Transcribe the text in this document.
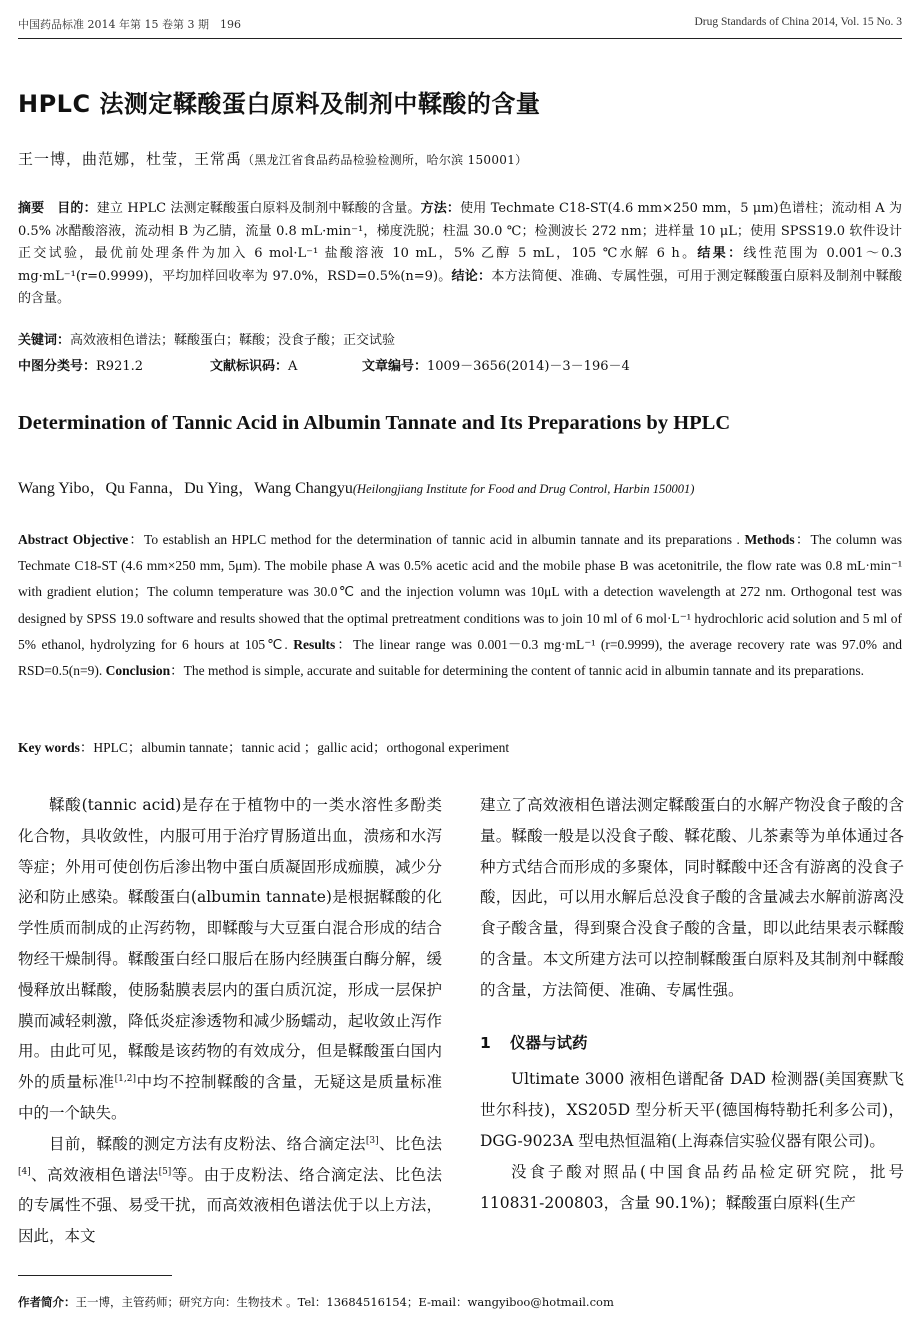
中国药品标准 2014 年第 15 卷第 3 期　196	Drug Standards of China 2014, Vol. 15 No. 3
HPLC 法测定鞣酸蛋白原料及制剂中鞣酸的含量
王一博，曲范娜，杜莹，王常禹（黑龙江省食品药品检验检测所，哈尔滨 150001）
摘要 目的：建立 HPLC 法测定鞣酸蛋白原料及制剂中鞣酸的含量。方法：使用 Techmate C18-ST(4.6 mm×250 mm，5 μm)色谱柱；流动相 A 为 0.5% 冰醋酸溶液，流动相 B 为乙腈，流量 0.8 mL·min⁻¹，梯度洗脱；柱温 30.0 ℃；检测波长 272 nm；进样量 10 μL；使用 SPSS19.0 软件设计正交试验，最优前处理条件为加入 6 mol·L⁻¹ 盐酸溶液 10 mL，5% 乙醇 5 mL，105 ℃水解 6 h。结果：线性范围为 0.001～0.3 mg·mL⁻¹(r=0.9999)，平均加样回收率为 97.0%，RSD=0.5%(n=9)。结论：本方法简便、准确、专属性强，可用于测定鞣酸蛋白原料及制剂中鞣酸的含量。
关键词：高效液相色谱法；鞣酸蛋白；鞣酸；没食子酸；正交试验
中图分类号：R921.2	文献标识码：A	文章编号：1009－3656(2014)－3－196－4
Determination of Tannic Acid in Albumin Tannate and Its Preparations by HPLC
Wang Yibo，Qu Fanna，Du Ying，Wang Changyu(Heilongjiang Institute for Food and Drug Control, Harbin 150001)
Abstract Objective：To establish an HPLC method for the determination of tannic acid in albumin tannate and its preparations . Methods：The column was Techmate C18-ST (4.6 mm×250 mm, 5μm). The mobile phase A was 0.5% acetic acid and the mobile phase B was acetonitrile, the flow rate was 0.8 mL·min⁻¹ with gradient elution；The column temperature was 30.0℃ and the injection volumn was 10μL with a detection wavelength at 272 nm. Orthogonal test was designed by SPSS 19.0 software and results showed that the optimal pretreatment conditions was to join 10 ml of 6 mol·L⁻¹ hydrochloric acid solution and 5 ml of 5% ethanol, hydrolyzing for 6 hours at 105℃. Results：The linear range was 0.001－0.3 mg·mL⁻¹ (r=0.9999), the average recovery rate was 97.0% and RSD=0.5(n=9). Conclusion：The method is simple, accurate and suitable for determining the content of tannic acid in albumin tannate and its preparations.
Key words：HPLC；albumin tannate；tannic acid ；gallic acid；orthogonal experiment

鞣酸(tannic acid)是存在于植物中的一类水溶性多酚类化合物，具收敛性，内服可用于治疗胃肠道出血，溃疡和水泻等症；外用可使创伤后渗出物中蛋白质凝固形成痂膜，减少分泌和防止感染。鞣酸蛋白(albumin tannate)是根据鞣酸的化学性质而制成的止泻药物，即鞣酸与大豆蛋白混合形成的结合物经干燥制得。鞣酸蛋白经口服后在肠内经胰蛋白酶分解，缓慢释放出鞣酸，使肠黏膜表层内的蛋白质沉淀，形成一层保护膜而减轻刺激，降低炎症渗透物和减少肠蠕动，起收敛止泻作用。由此可见，鞣酸是该药物的有效成分，但是鞣酸蛋白国内外的质量标准[1,2]中均不控制鞣酸的含量，无疑这是质量标准中的一个缺失。

目前，鞣酸的测定方法有皮粉法、络合滴定法[3]、比色法[4]、高效液相色谱法[5]等。由于皮粉法、络合滴定法、比色法的专属性不强、易受干扰，而高效液相色谱法优于以上方法，因此，本文

建立了高效液相色谱法测定鞣酸蛋白的水解产物没食子酸的含量。鞣酸一般是以没食子酸、鞣花酸、儿茶素等为单体通过各种方式结合而形成的多聚体，同时鞣酸中还含有游离的没食子酸，因此，可以用水解后总没食子酸的含量减去水解前游离没食子酸含量，得到聚合没食子酸的含量，即以此结果表示鞣酸的含量。本文所建方法可以控制鞣酸蛋白原料及其制剂中鞣酸的含量，方法简便、准确、专属性强。

1 仪器与试药

Ultimate 3000 液相色谱配备 DAD 检测器(美国赛默飞世尔科技)，XS205D 型分析天平(德国梅特勒托利多公司)，DGG-9023A 型电热恒温箱(上海森信实验仪器有限公司)。

没食子酸对照品(中国食品药品检定研究院，批号 110831-200803，含量 90.1%)；鞣酸蛋白原料(生产

作者简介：王一博，主管药师；研究方向：生物技术 。Tel：13684516154；E-mail：wangyiboo@hotmail.com
